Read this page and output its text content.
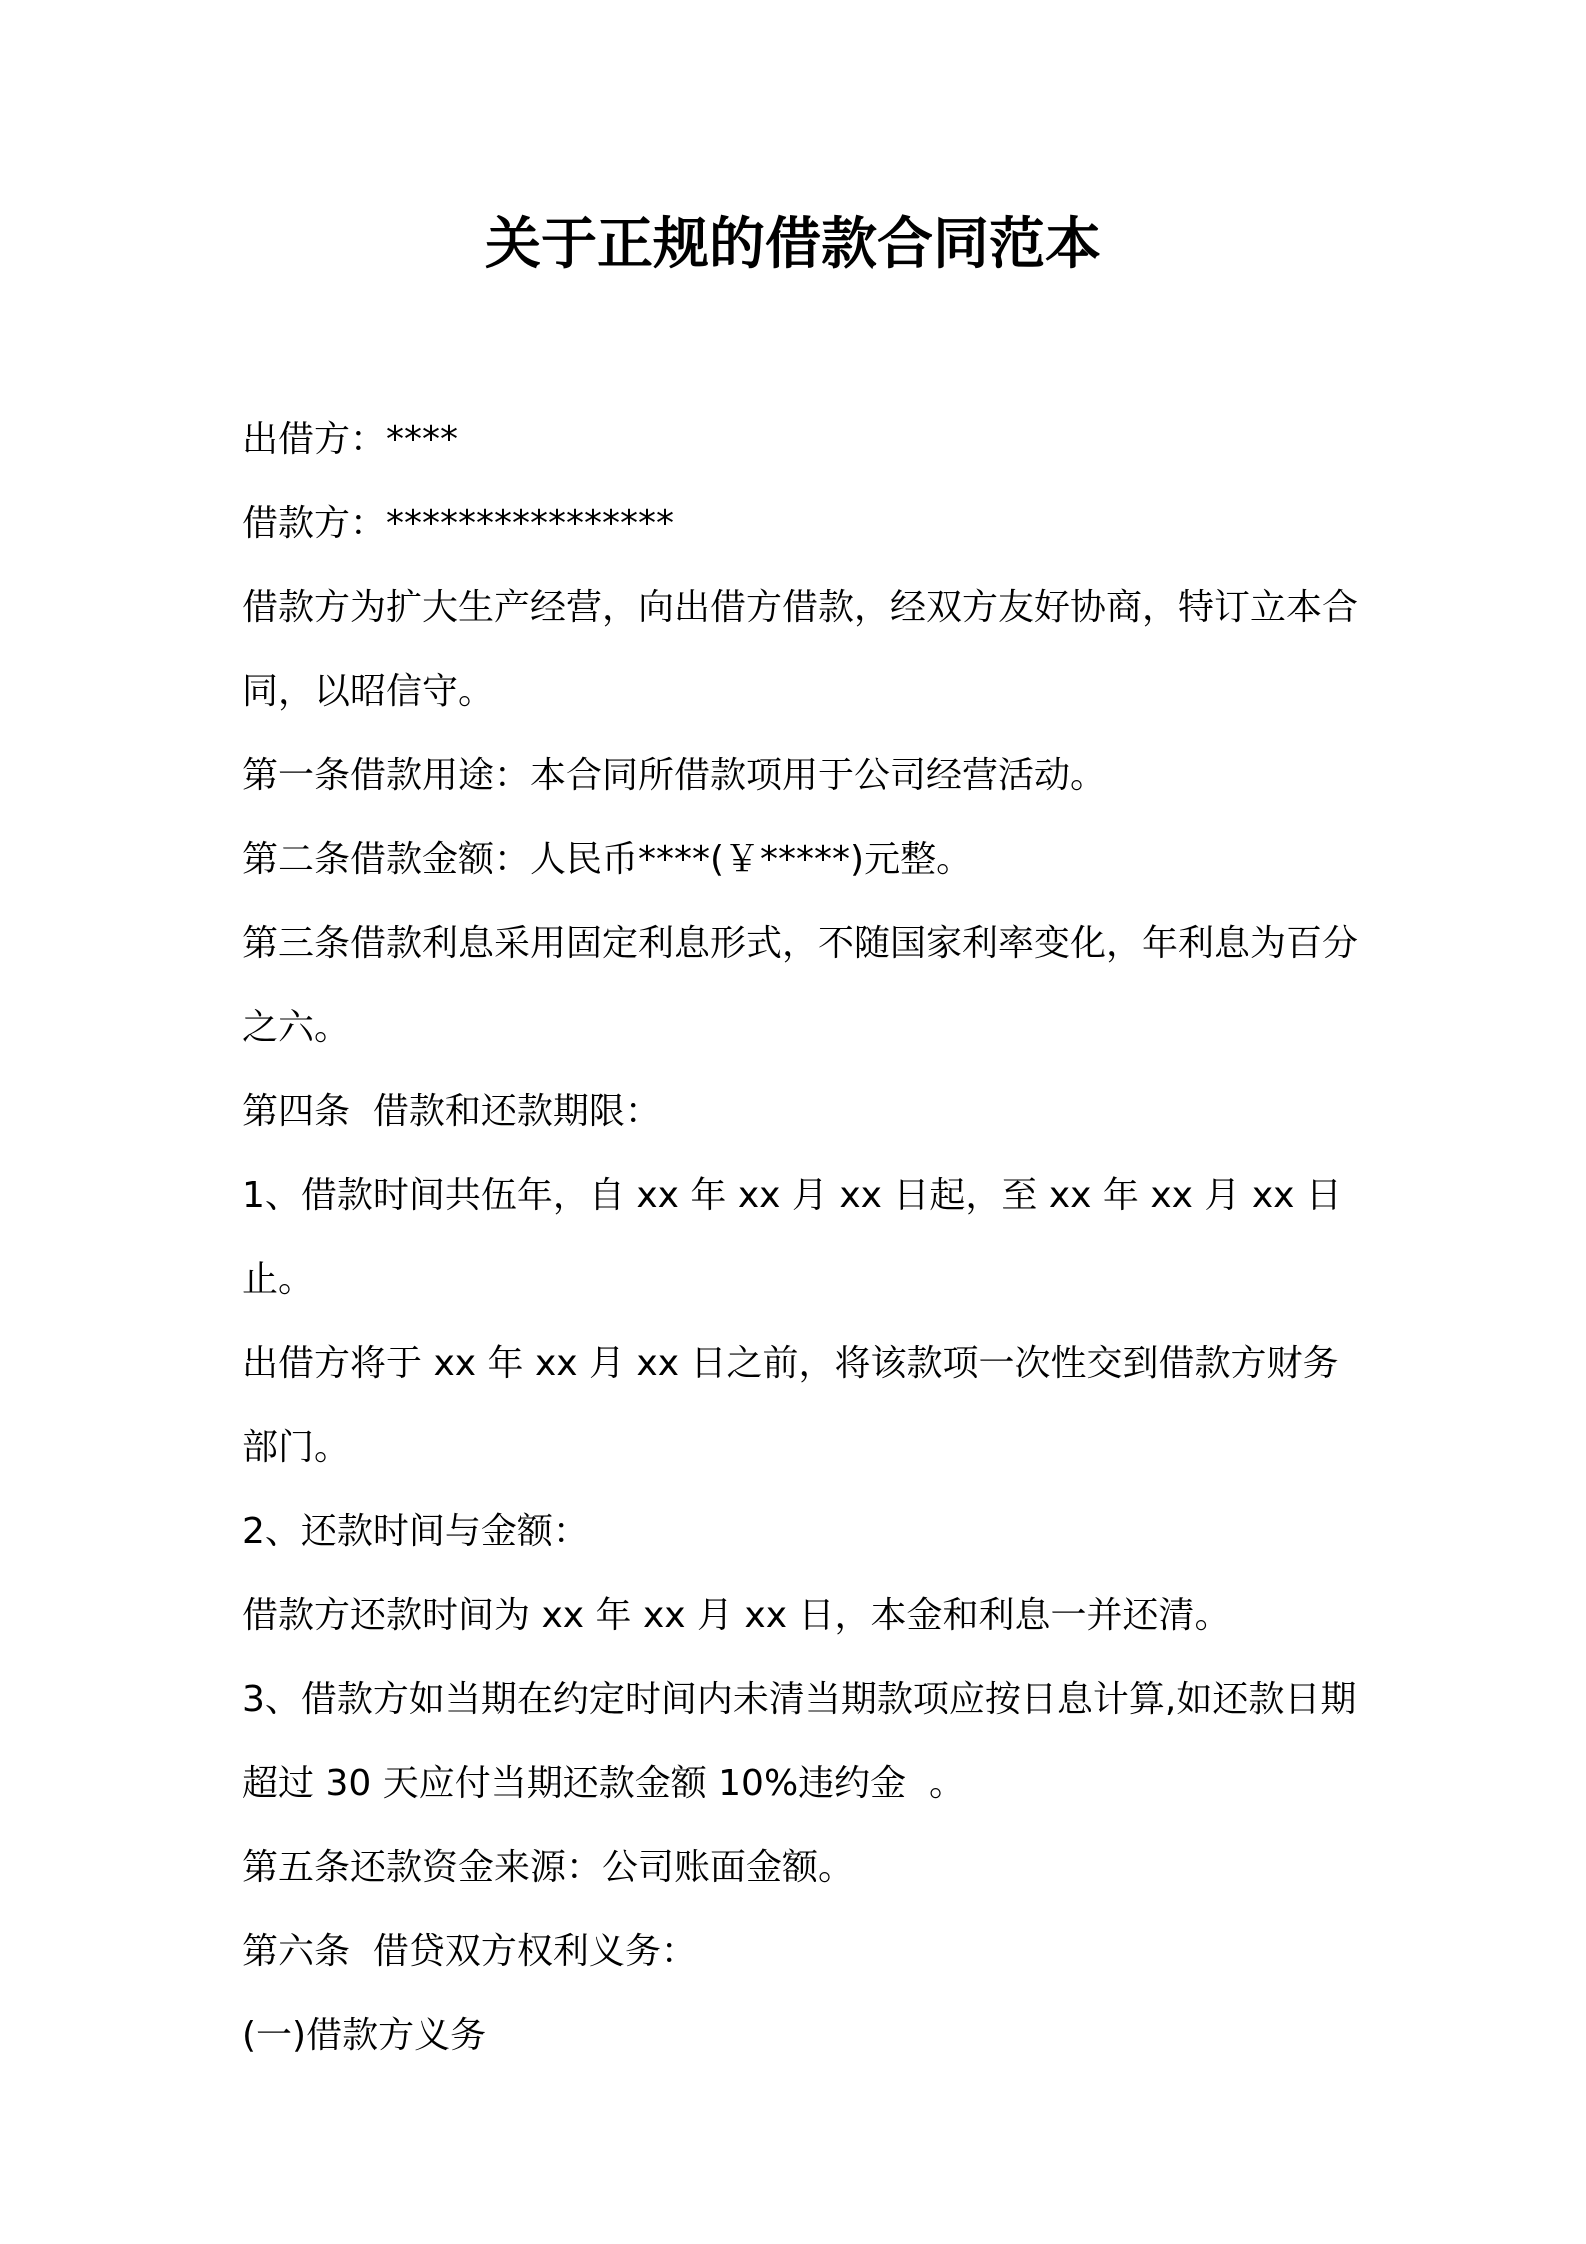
关于正规的借款合同范本

出借方：****

借款方：****************

借款方为扩大生产经营，向出借方借款，经双方友好协商，特订立本合同，以昭信守。

第一条借款用途：本合同所借款项用于公司经营活动。

第二条借款金额：人民币****(￥*****)元整。

第三条借款利息采用固定利息形式，不随国家利率变化，年利息为百分之六。

第四条  借款和还款期限：

1、借款时间共伍年，自 xx 年 xx 月 xx 日起，至 xx 年 xx 月 xx 日止。

出借方将于 xx 年 xx 月 xx 日之前，将该款项一次性交到借款方财务部门。

2、还款时间与金额：

借款方还款时间为 xx 年 xx 月 xx 日，本金和利息一并还清。

3、借款方如当期在约定时间内未清当期款项应按日息计算,如还款日期超过 30 天应付当期还款金额 10%违约金  。

第五条还款资金来源：公司账面金额。

第六条  借贷双方权利义务：

(一)借款方义务
